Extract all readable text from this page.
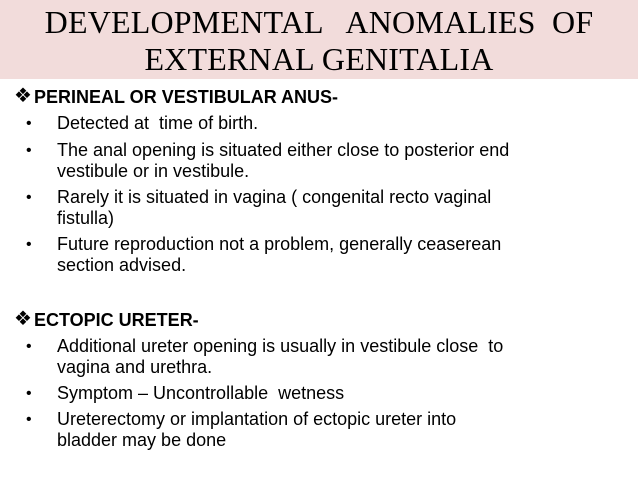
DEVELOPMENTAL   ANOMALIES  OF
EXTERNAL GENITALIA
❖ PERINEAL OR VESTIBULAR ANUS-
• Detected at  time of birth.
• The anal opening is situated either close to posterior end
vestibule or in vestibule.
• Rarely it is situated in vagina ( congenital recto vaginal
fistulla)
• Future reproduction not a problem, generally ceaserean
section advised.
❖ ECTOPIC URETER-
• Additional ureter opening is usually in vestibule close  to
vagina and urethra.
• Symptom – Uncontrollable  wetness
• Ureterectomy or implantation of ectopic ureter into
bladder may be done
